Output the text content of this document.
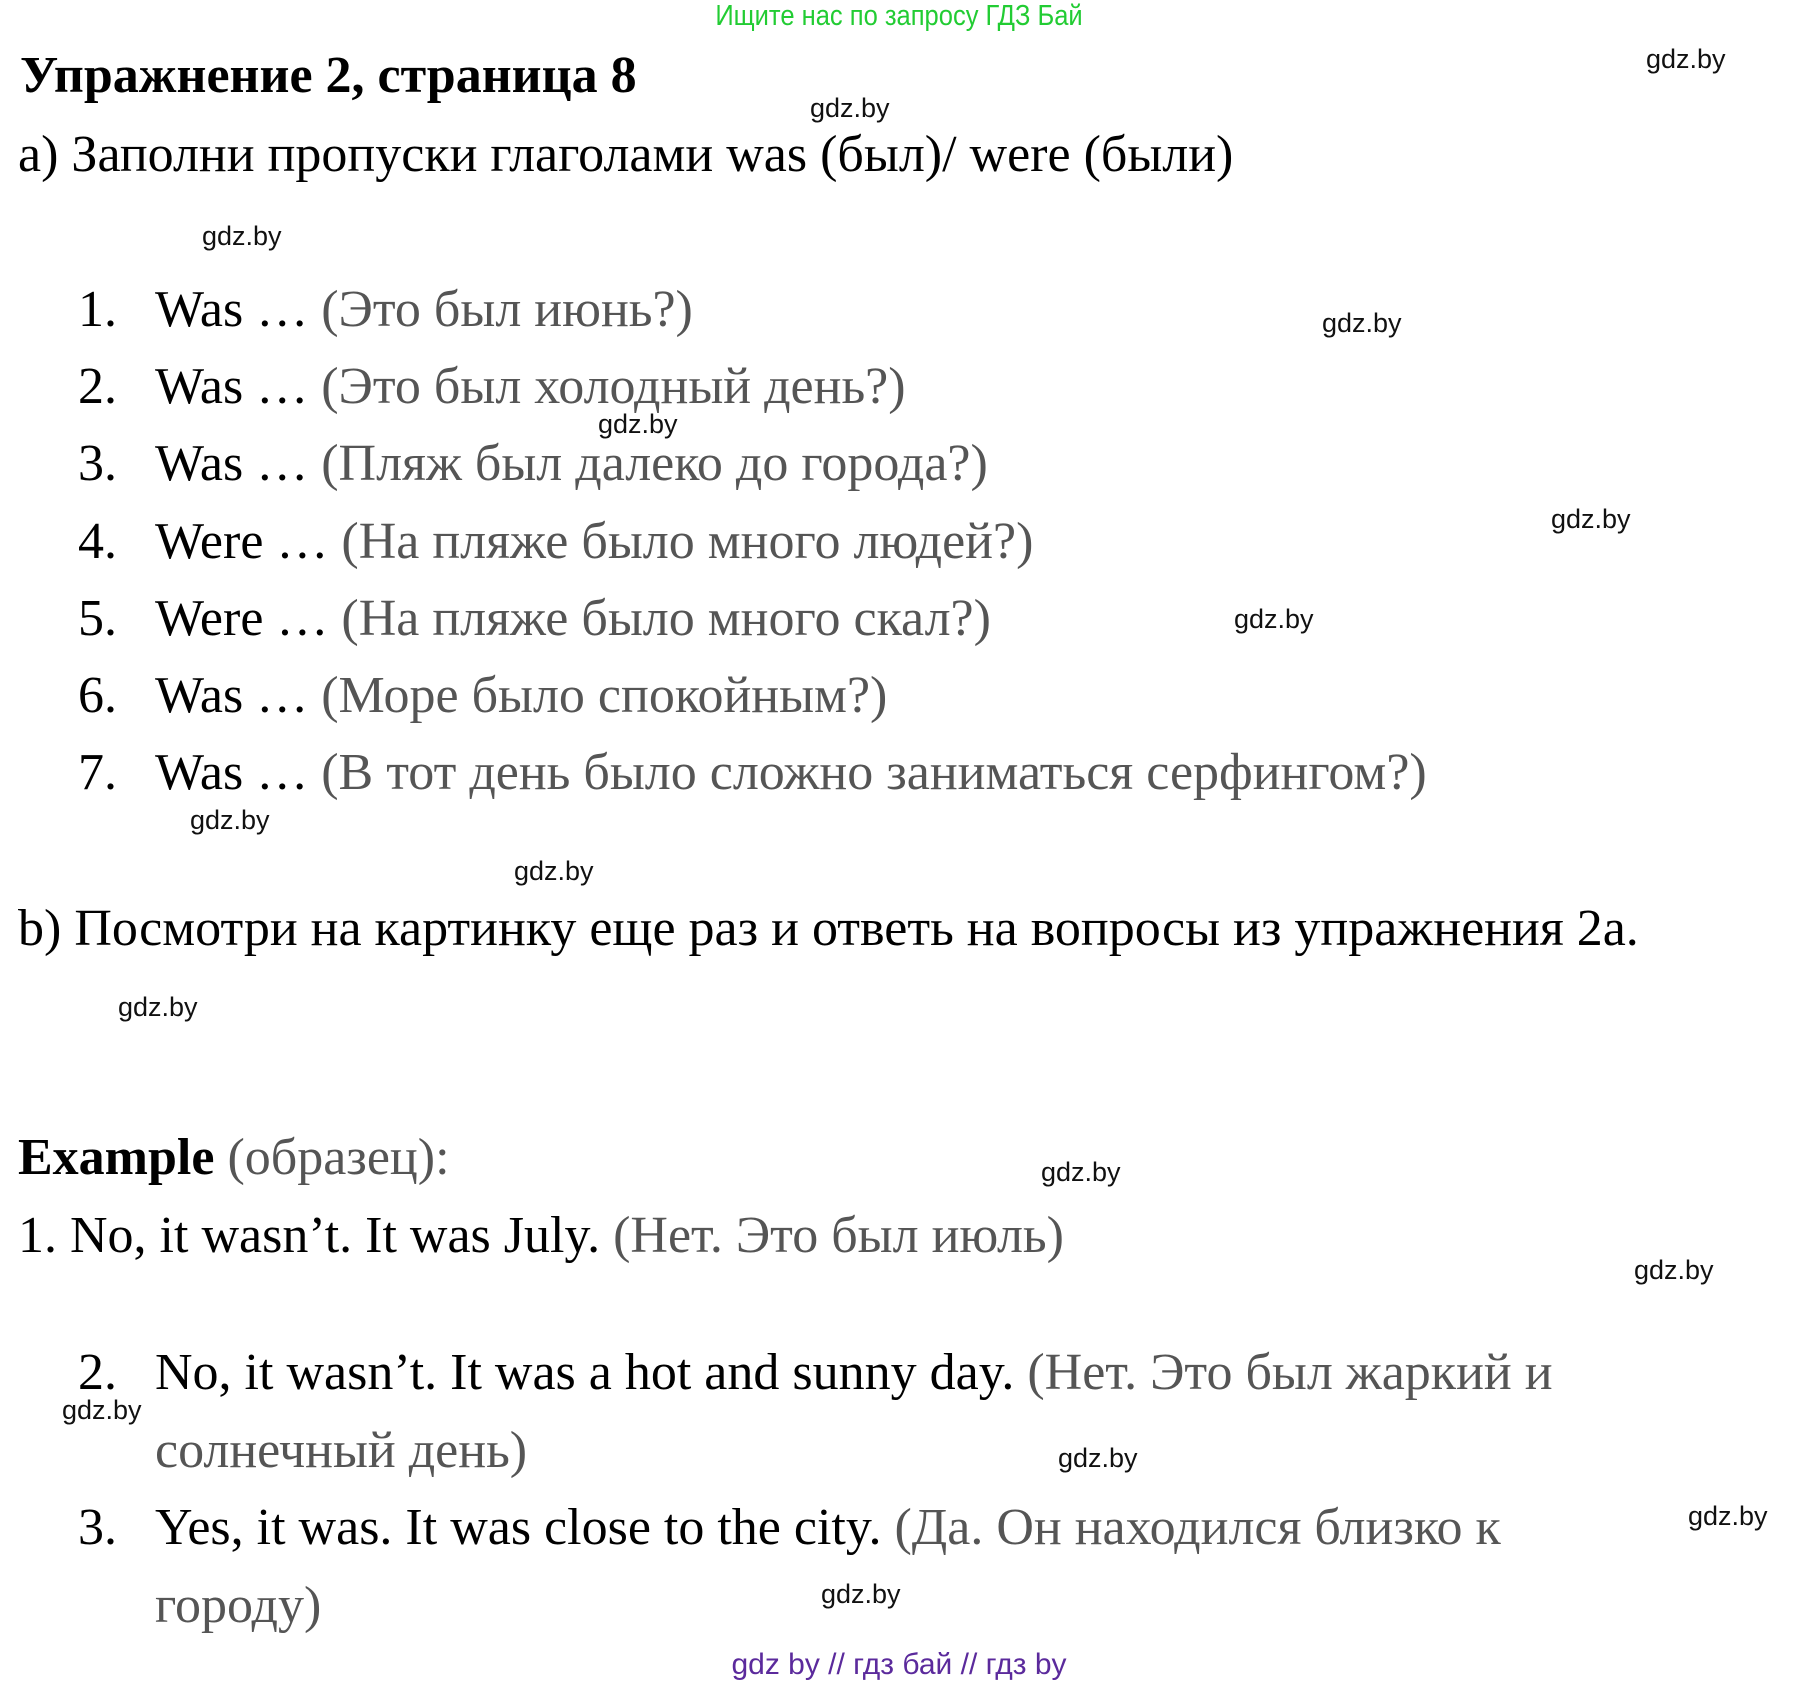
Ищите нас по запросу ГДЗ Бай
Упражнение 2, страница 8
a) Заполни пропуски глаголами was (был)/ were (были)
1. Was … (Это был июнь?)
2. Was … (Это был холодный день?)
3. Was … (Пляж был далеко до города?)
4. Were … (На пляже было много людей?)
5. Were … (На пляже было много скал?)
6. Was … (Море было спокойным?)
7. Was … (В тот день было сложно заниматься серфингом?)
b) Посмотри на картинку еще раз и ответь на вопросы из упражнения 2a.
Example (образец):
1. No, it wasn’t. It was July. (Нет. Это был июль)
2. No, it wasn’t. It was a hot and sunny day. (Нет. Это был жаркий и
солнечный день)
3. Yes, it was. It was close to the city. (Да. Он находился близко к
городу)
gdz.by
gdz.by
gdz.by
gdz.by
gdz.by
gdz.by
gdz.by
gdz.by
gdz.by
gdz.by
gdz.by
gdz.by
gdz.by
gdz.by
gdz.by
gdz.by
gdz by // гдз бай // гдз by
